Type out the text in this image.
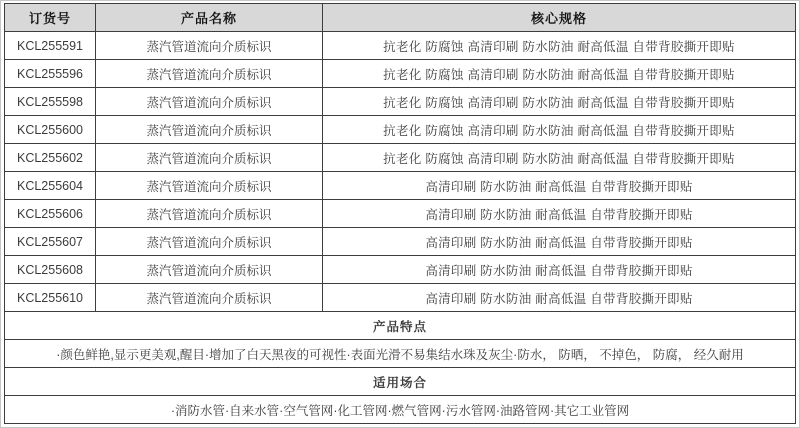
订货号	产品名称	核心规格
KCL255591	蒸汽管道流向介质标识	抗老化 防腐蚀 高清印刷 防水防油 耐高低温 自带背胶撕开即贴
KCL255596	蒸汽管道流向介质标识	抗老化 防腐蚀 高清印刷 防水防油 耐高低温 自带背胶撕开即贴
KCL255598	蒸汽管道流向介质标识	抗老化 防腐蚀 高清印刷 防水防油 耐高低温 自带背胶撕开即贴
KCL255600	蒸汽管道流向介质标识	抗老化 防腐蚀 高清印刷 防水防油 耐高低温 自带背胶撕开即贴
KCL255602	蒸汽管道流向介质标识	抗老化 防腐蚀 高清印刷 防水防油 耐高低温 自带背胶撕开即贴
KCL255604	蒸汽管道流向介质标识	高清印刷 防水防油 耐高低温 自带背胶撕开即贴
KCL255606	蒸汽管道流向介质标识	高清印刷 防水防油 耐高低温 自带背胶撕开即贴
KCL255607	蒸汽管道流向介质标识	高清印刷 防水防油 耐高低温 自带背胶撕开即贴
KCL255608	蒸汽管道流向介质标识	高清印刷 防水防油 耐高低温 自带背胶撕开即贴
KCL255610	蒸汽管道流向介质标识	高清印刷 防水防油 耐高低温 自带背胶撕开即贴
产品特点		
·颜色鲜艳,显示更美观,醒目·增加了白天黑夜的可视性·表面光滑不易集结水珠及灰尘·防水， 防晒， 不掉色， 防腐， 经久耐用		
适用场合		
·消防水管·自来水管·空气管网·化工管网·燃气管网·污水管网·油路管网·其它工业管网		
